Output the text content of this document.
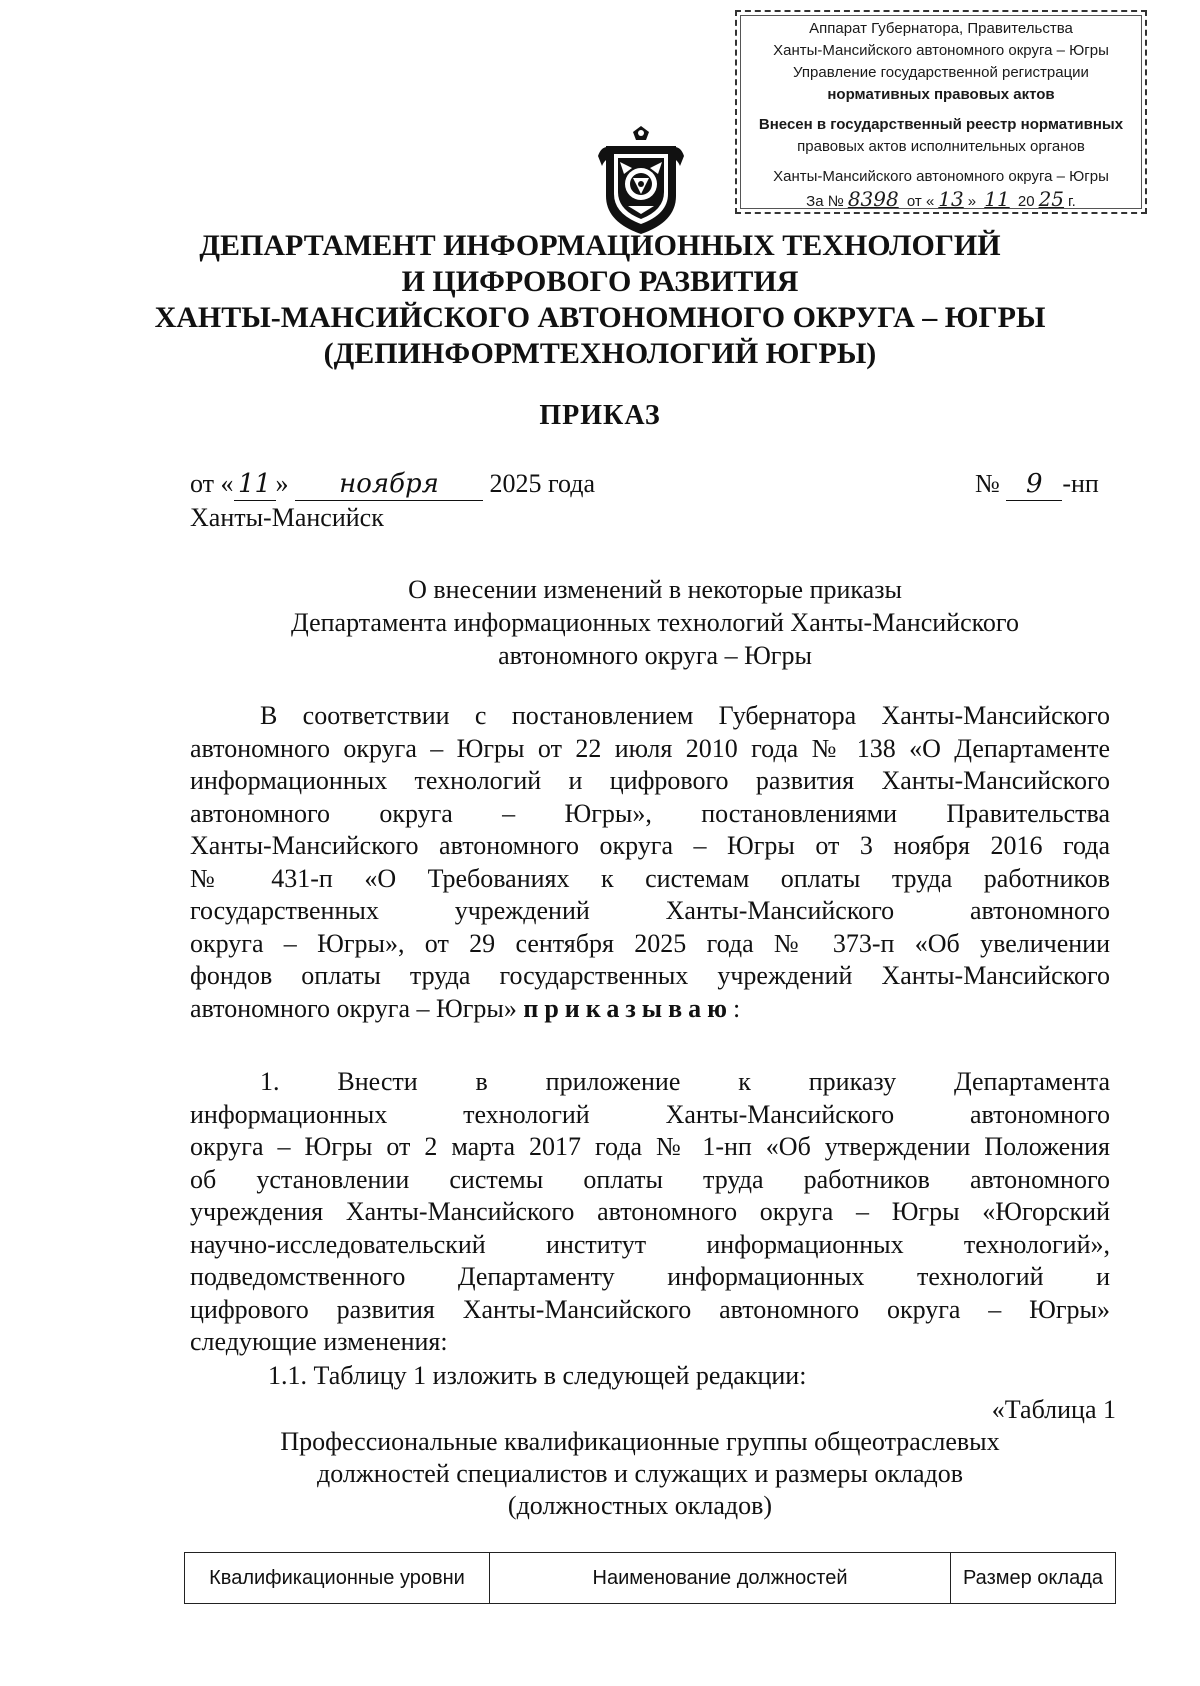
Аппарат Губернатора, Правительства
Ханты-Мансийского автономного округа – Югры
Управление государственной регистрации
нормативных правовых актов
Внесен в государственный реестр нормативных
правовых актов исполнительных органов
Ханты-Мансийского автономного округа – Югры
За № 8398 от « 13 » 11 20 25 г.
ДЕПАРТАМЕНТ ИНФОРМАЦИОННЫХ ТЕХНОЛОГИЙ
И ЦИФРОВОГО РАЗВИТИЯ
ХАНТЫ-МАНСИЙСКОГО АВТОНОМНОГО ОКРУГА – ЮГРЫ
(ДЕПИНФОРМТЕХНОЛОГИЙ ЮГРЫ)
ПРИКАЗ
от « 11 » ноября 2025 года	№ 9 -нп
Ханты-Мансийск
О внесении изменений в некоторые приказы
Департамента информационных технологий Ханты-Мансийского
автономного округа – Югры
В соответствии с постановлением Губернатора Ханты-Мансийского
автономного округа – Югры от 22 июля 2010 года № 138 «О Департаменте
информационных технологий и цифрового развития Ханты-Мансийского
автономного округа – Югры», постановлениями Правительства
Ханты-Мансийского автономного округа – Югры от 3 ноября 2016 года
№ 431-п «О Требованиях к системам оплаты труда работников
государственных учреждений Ханты-Мансийского автономного
округа – Югры», от 29 сентября 2025 года № 373-п «Об увеличении
фондов оплаты труда государственных учреждений Ханты-Мансийского
автономного округа – Югры» приказываю:
1. Внести в приложение к приказу Департамента
информационных технологий Ханты-Мансийского автономного
округа – Югры от 2 марта 2017 года № 1-нп «Об утверждении Положения
об установлении системы оплаты труда работников автономного
учреждения Ханты-Мансийского автономного округа – Югры «Югорский
научно-исследовательский институт информационных технологий»,
подведомственного Департаменту информационных технологий и
цифрового развития Ханты-Мансийского автономного округа – Югры»
следующие изменения:
1.1. Таблицу 1 изложить в следующей редакции:
«Таблица 1
Профессиональные квалификационные группы общеотраслевых
должностей специалистов и служащих и размеры окладов
(должностных окладов)
Квалификационные уровни	Наименование должностей	Размер оклада
